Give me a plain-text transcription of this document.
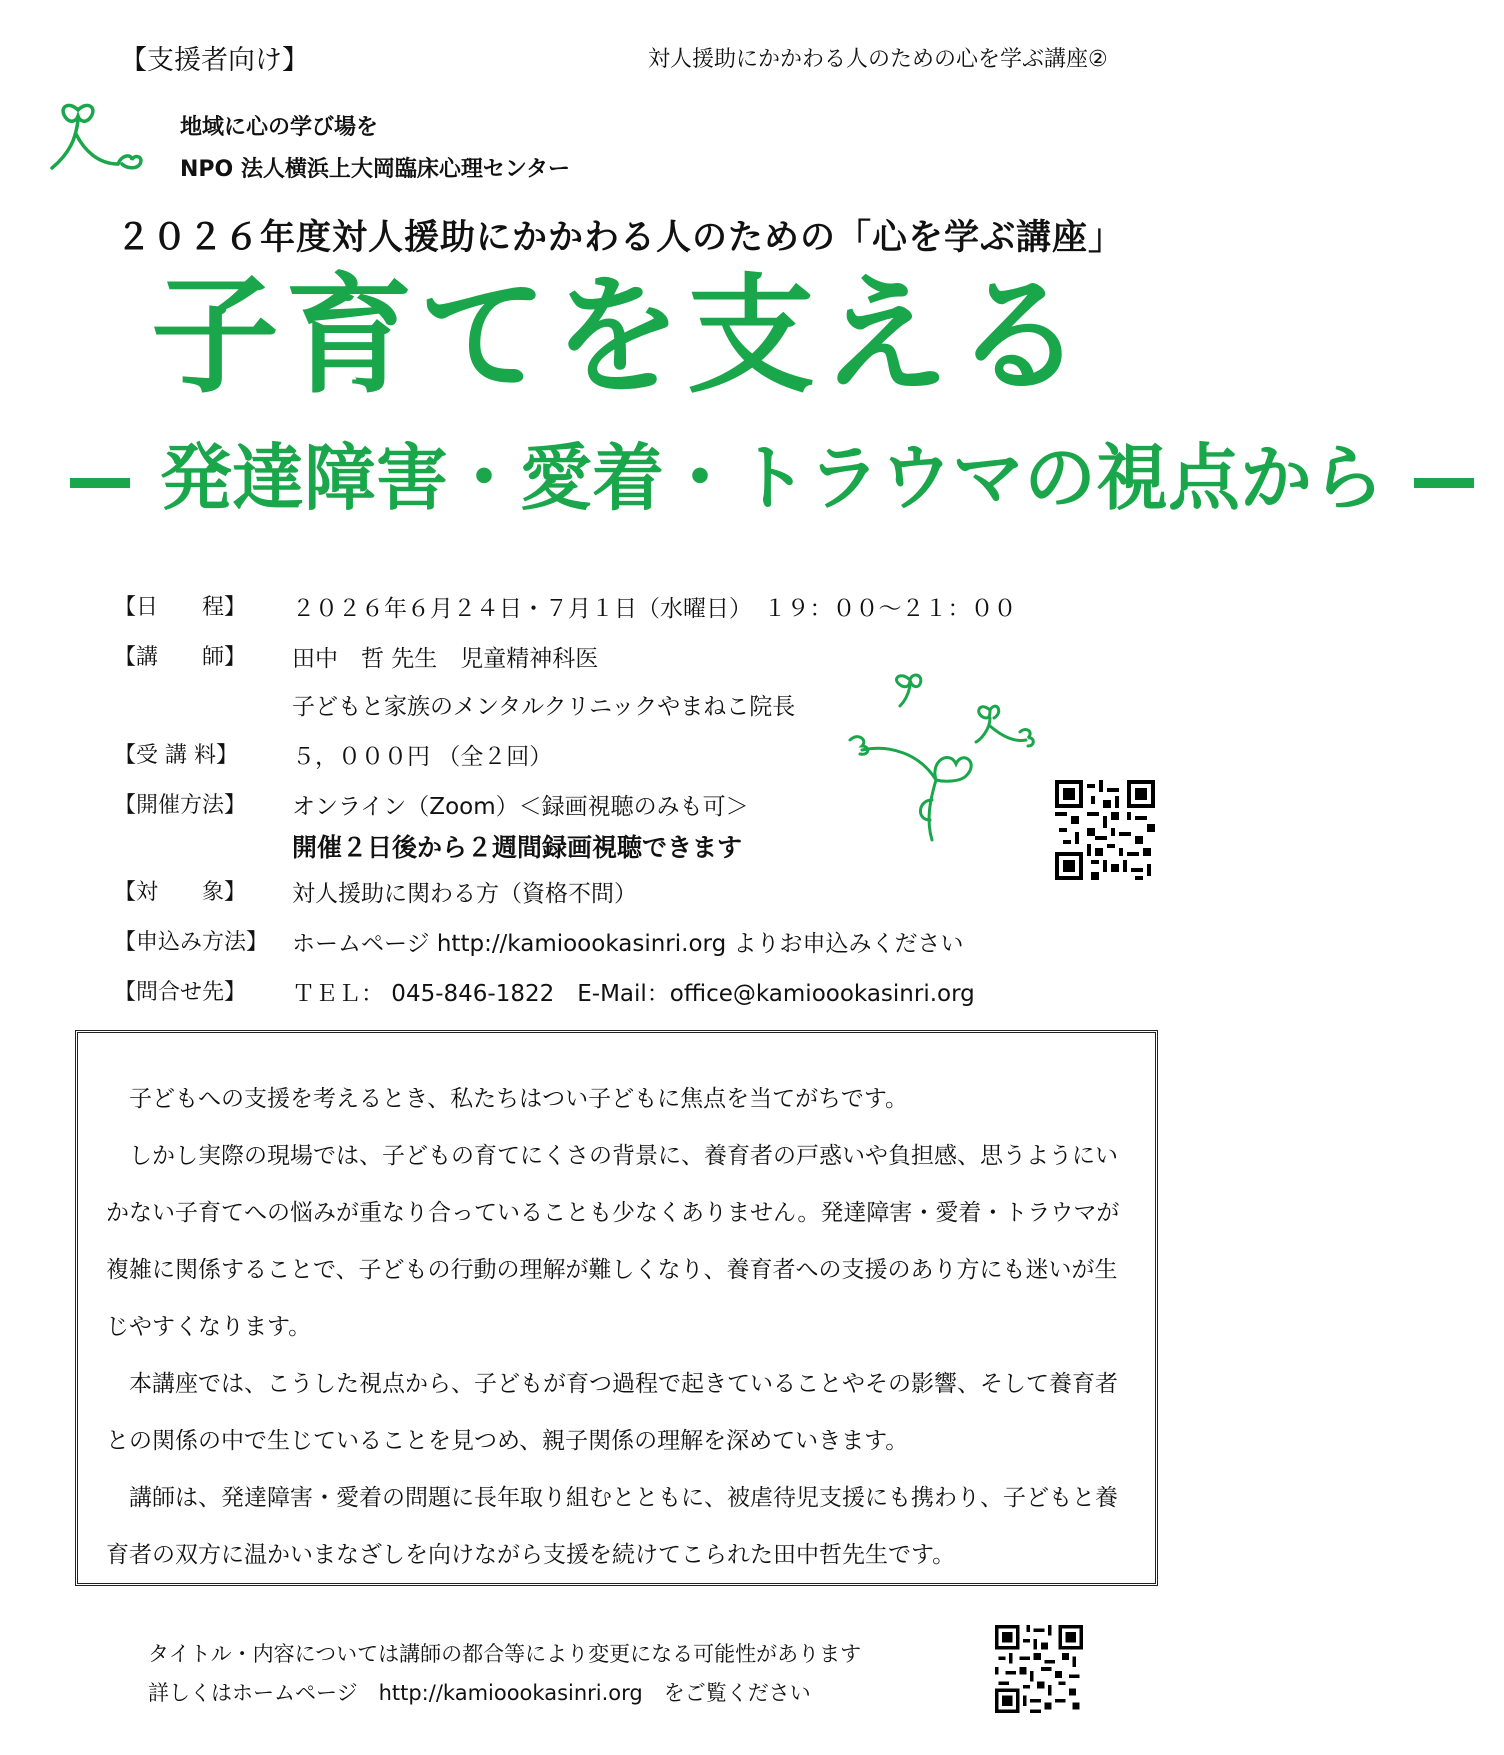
【支援者向け】	対人援助にかかわる人のための心を学ぶ講座②
地域に心の学び場を
NPO 法人横浜上大岡臨床心理センター
２０２６年度対人援助にかかわる人のための「心を学ぶ講座」
子育てを支える
発達障害・愛着・トラウマの視点から
【日　　程】	２０２６年６月２４日・７月１日（水曜日）　１９：００〜２１：００
【講　　師】	田中　哲 先生　児童精神科医
子どもと家族のメンタルクリニックやまねこ院長
【受 講 料】	５，０００円 （全２回）
【開催方法】	オンライン（Zoom）＜録画視聴のみも可＞
開催２日後から２週間録画視聴できます
【対　　象】	対人援助に関わる方（資格不問）
【申込み方法】 ホームページ http://kamioookasinri.org よりお申込みください
【問合せ先】	ＴＥＬ： 045-846-1822　E-Mail：office@kamioookasinri.org

子どもへの支援を考えるとき、私たちはつい子どもに焦点を当てがちです。

しかし実際の現場では、子どもの育てにくさの背景に、養育者の戸惑いや負担感、思うようにいかない子育てへの悩みが重なり合っていることも少なくありません。発達障害・愛着・トラウマが複雑に関係することで、子どもの行動の理解が難しくなり、養育者への支援のあり方にも迷いが生じやすくなります。

本講座では、こうした視点から、子どもが育つ過程で起きていることやその影響、そして養育者との関係の中で生じていることを見つめ、親子関係の理解を深めていきます。

講師は、発達障害・愛着の問題に長年取り組むとともに、被虐待児支援にも携わり、子どもと養育者の双方に温かいまなざしを向けながら支援を続けてこられた田中哲先生です。

タイトル・内容については講師の都合等により変更になる可能性があります
詳しくはホームページ　http://kamioookasinri.org　をご覧ください
